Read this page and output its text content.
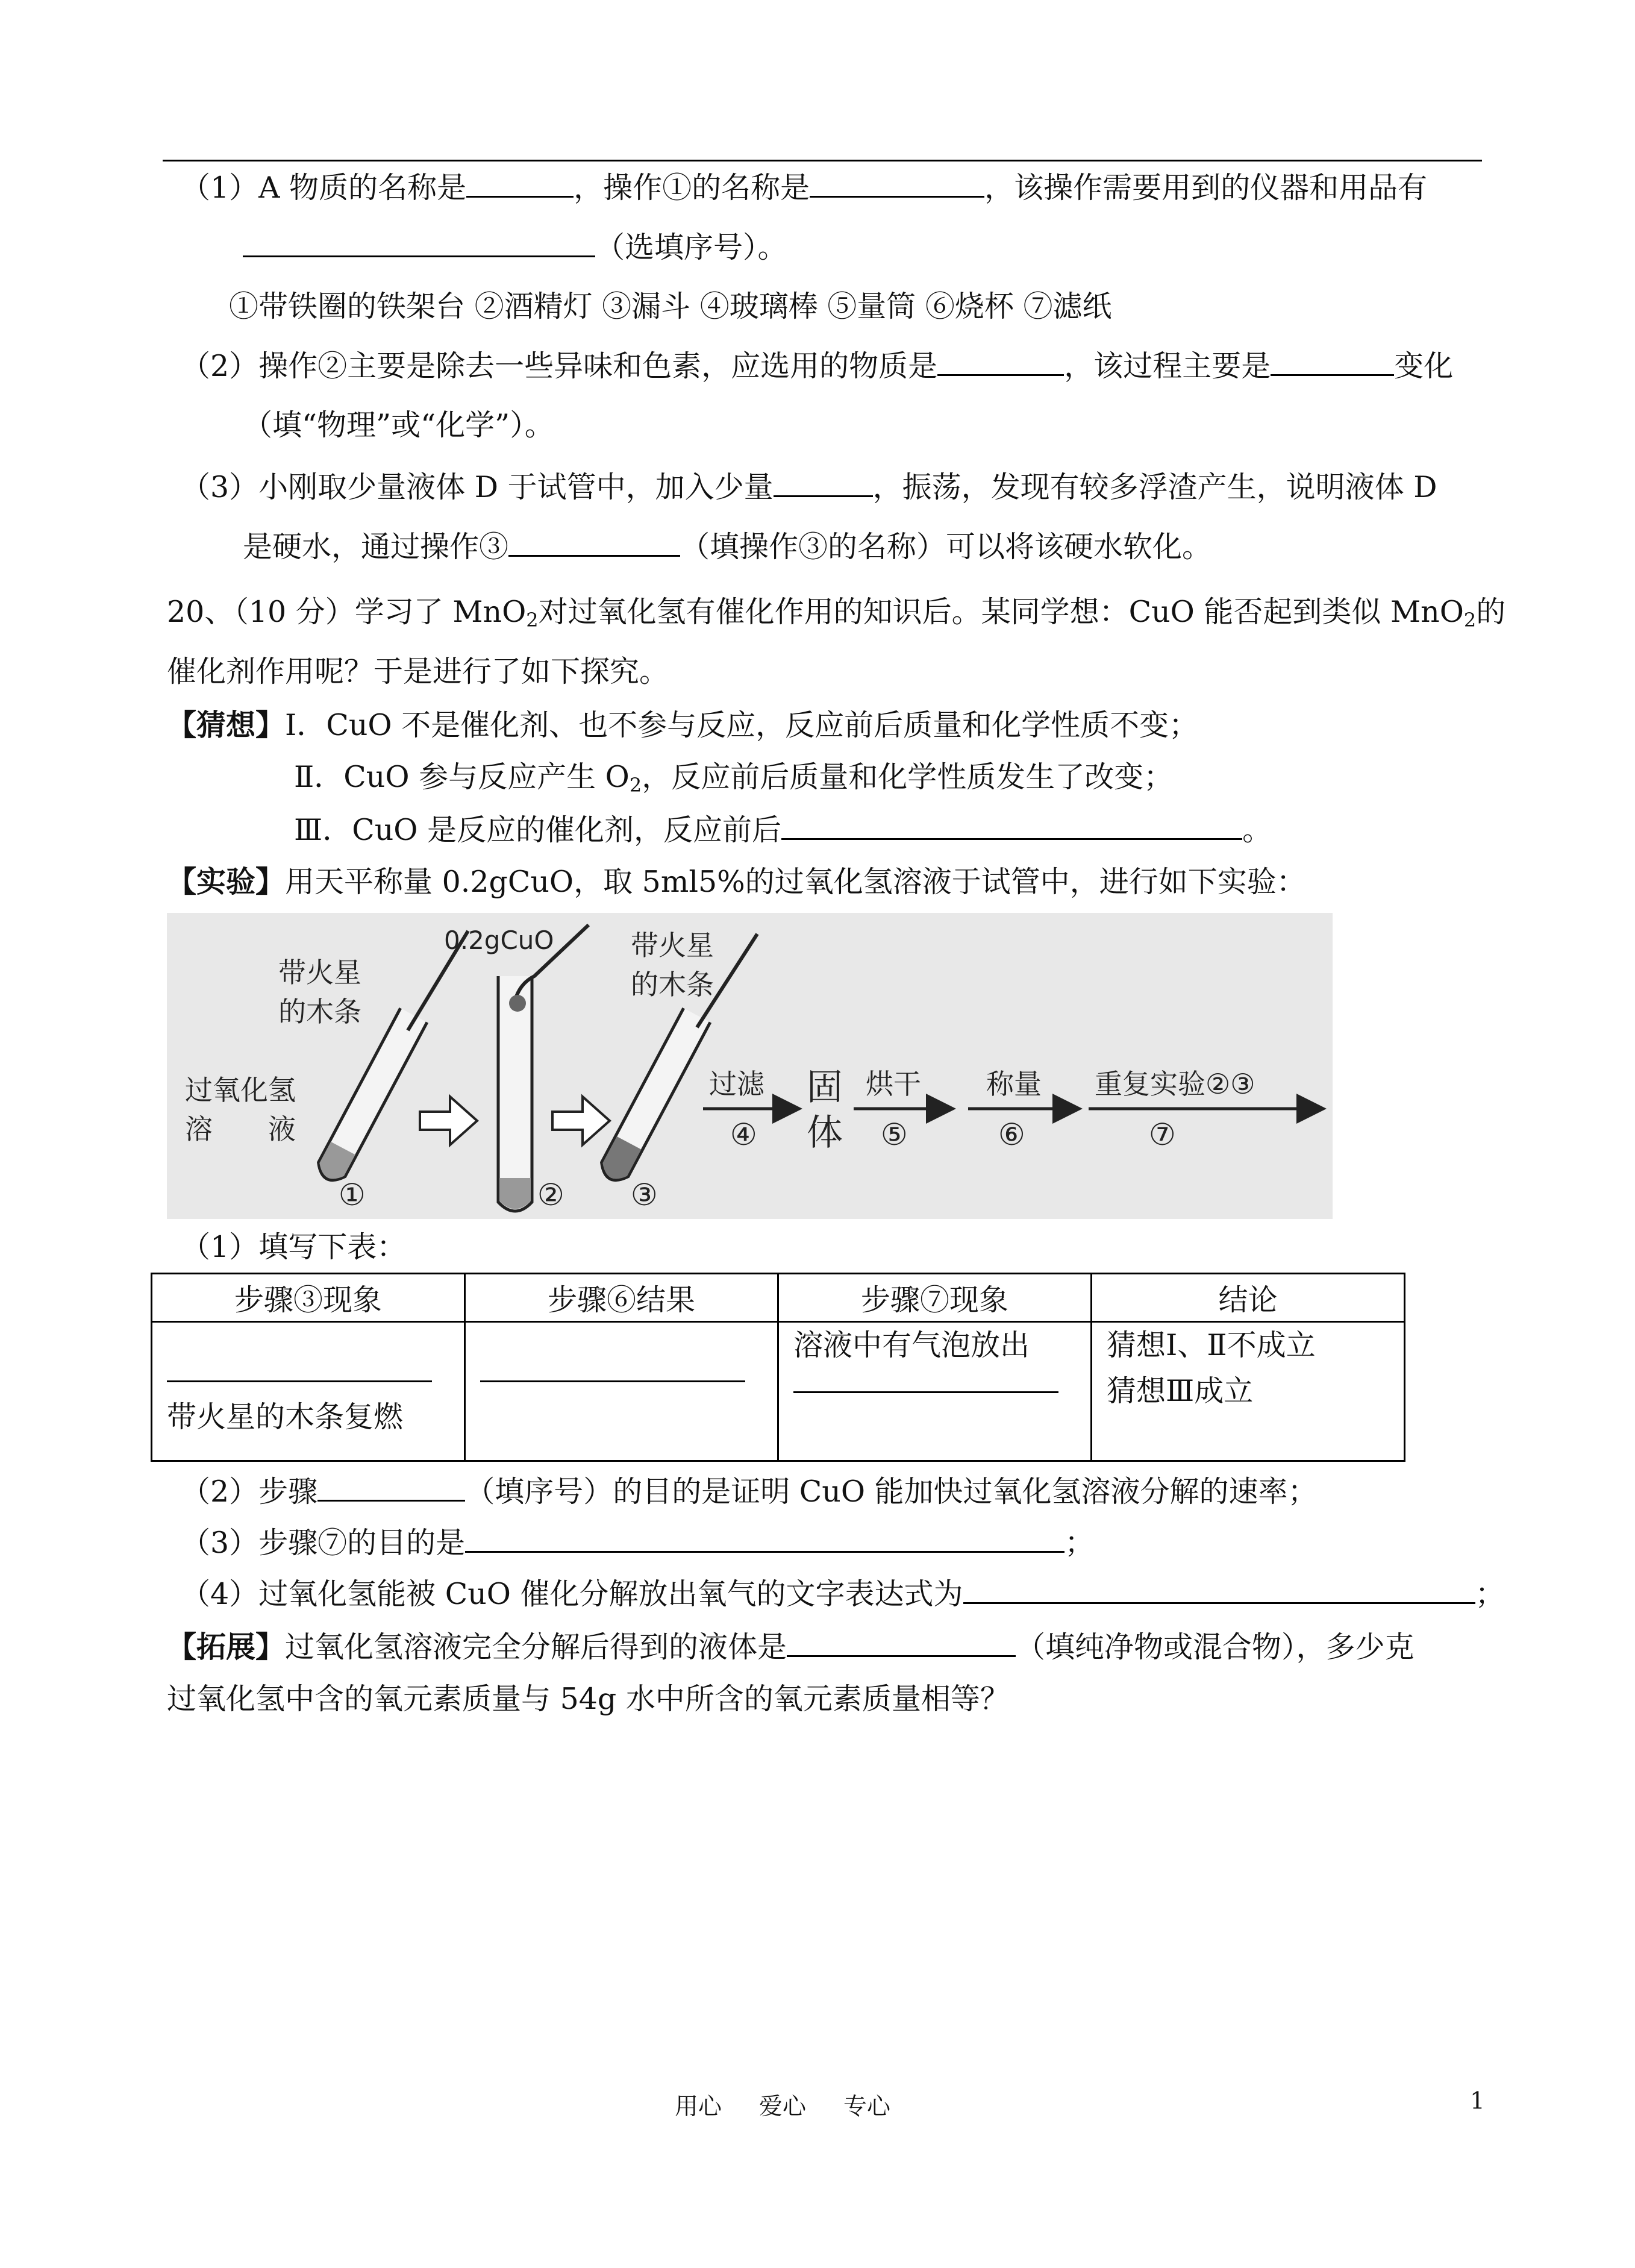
（1）A 物质的名称是	，操作①的名称是	，该操作需要用到的仪器和用品有
（选填序号）。
①带铁圈的铁架台 ②酒精灯 ③漏斗 ④玻璃棒 ⑤量筒 ⑥烧杯 ⑦滤纸
（2）操作②主要是除去一些异味和色素，应选用的物质是	，该过程主要是	变化
（填“物理”或“化学”）。
（3）小刚取少量液体 D 于试管中，加入少量	，振荡，发现有较多浮渣产生，说明液体 D
是硬水，通过操作③	（填操作③的名称）可以将该硬水软化。
20、（10 分）学习了 MnO$_2$对过氧化氢有催化作用的知识后。某同学想：CuO 能否起到类似 MnO$_2$的
催化剂作用呢？于是进行了如下探究。
【猜想】Ⅰ．CuO 不是催化剂、也不参与反应，反应前后质量和化学性质不变；
Ⅱ．CuO 参与反应产生 $O_2$，反应前后质量和化学性质发生了改变；
Ⅲ．CuO 是反应的催化剂，反应前后	。
【实验】用天平称量 0.2gCuO，取 5ml5%的过氧化氢溶液于试管中，进行如下实验：
带火星
的木条
过氧化氢
溶　　液
①
0.2gCuO
②
带火星
的木条
③
过滤
④
固
体
烘干
⑤
称量
⑥
重复实验②③
⑦
（1）填写下表：
步骤③现象	步骤⑥结果	步骤⑦现象	结论

带火星的木条复燃		溶液中有气泡放出	猜想Ⅰ、Ⅱ不成立
猜想Ⅲ成立
（2）步骤	（填序号）的目的是证明 CuO 能加快过氧化氢溶液分解的速率；
（3）步骤⑦的目的是	；
（4）过氧化氢能被 CuO 催化分解放出氧气的文字表达式为	；
【拓展】过氧化氢溶液完全分解后得到的液体是	（填纯净物或混合物），多少克
过氧化氢中含的氧元素质量与 54g 水中所含的氧元素质量相等？
用心 爱心 专心	1
